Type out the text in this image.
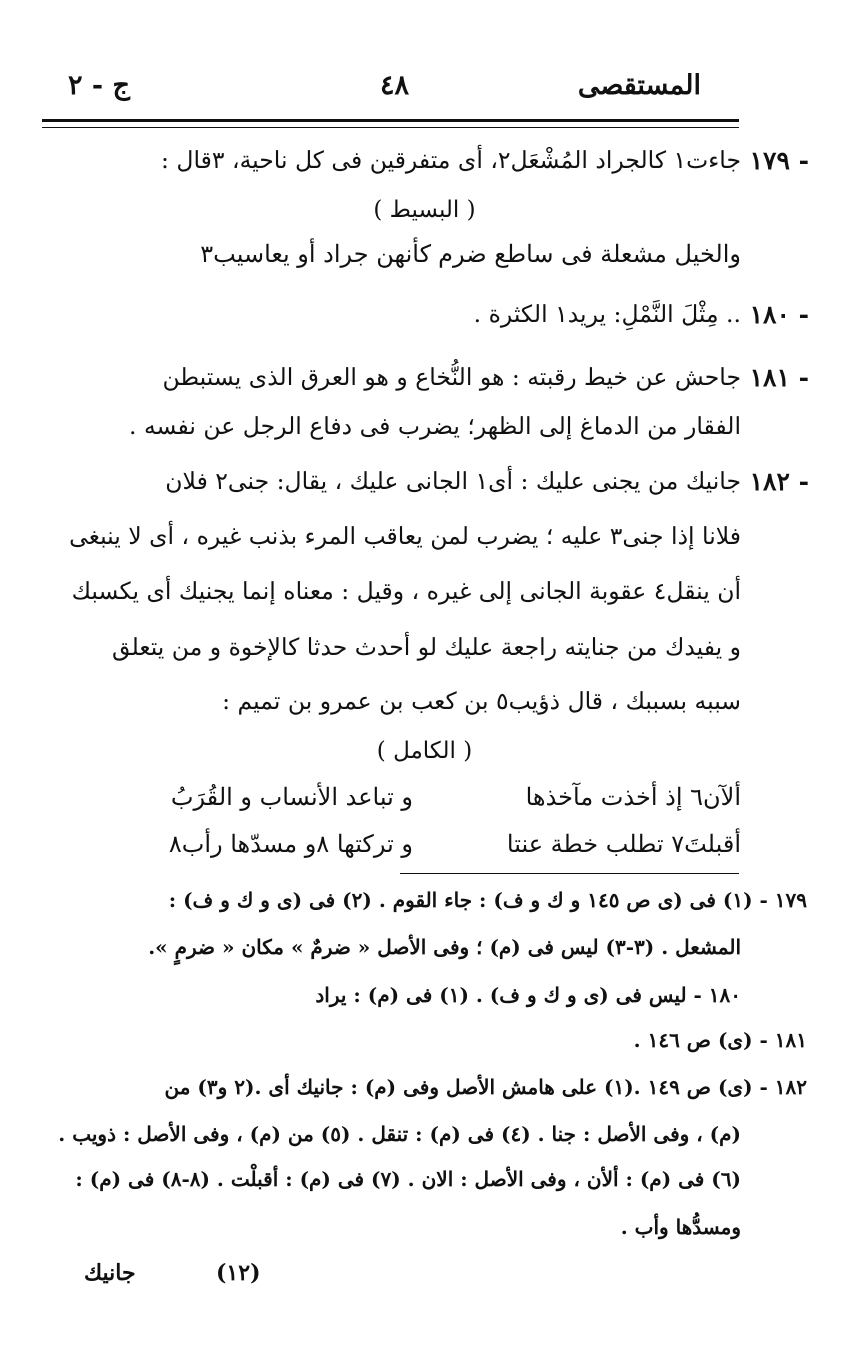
المستقصى
٤٨
ج - ٢
١٧٩ -
جاءت١ كالجراد المُشْعَل٢، أى متفرقين فى كل ناحية، ٣قال :
( البسيط )
والخيل مشعلة فى ساطع ضرم
كأنهن جراد أو يعاسيب٣
١٨٠ -
.. مِثْلَ النَّمْلِ: يريد١ الكثرة .
١٨١ -
جاحش عن خيط رقبته : هو النُّخاع و هو العرق الذى يستبطن
الفقار من الدماغ إلى الظهر؛ يضرب فى دفاع الرجل عن نفسه .
١٨٢ -
جانيك من يجنى عليك : أى١ الجانى عليك ، يقال: جنى٢ فلان
فلانا إذا جنى٣ عليه ؛ يضرب لمن يعاقب المرء بذنب غيره ، أى لا ينبغى
أن ينقل٤ عقوبة الجانى إلى غيره ، وقيل : معناه إنما يجنيك أى يكسبك
و يفيدك من جنايته راجعة عليك لو أحدث حدثا كالإخوة و من يتعلق
سببه بسببك ، قال ذؤيب٥ بن كعب بن عمرو بن تميم :
( الكامل )
ألآن٦ إذ أخذت مآخذها
و تباعد الأنساب و القُرَبُ
أقبلتَ٧ تطلب خطة عنتا
و تركتها ٨و مسدّها رأب٨
١٧٩ - (١) فى (ى ص ١٤٥ و ك و ف) : جاء القوم . (٢) فى (ى و ك و ف) :
المشعل . (٣-٣) ليس فى (م) ؛ وفى الأصل « ضرمٌ » مكان « ضرمٍ ».
١٨٠ - ليس فى (ى و ك و ف) . (١) فى (م) : يراد
١٨١ - (ى) ص ١٤٦ .
١٨٢ - (ى) ص ١٤٩ .(١) على هامش الأصل وفى (م) : جانيك أى .(٢ و٣) من
(م) ، وفى الأصل : جنا . (٤) فى (م) : تنقل . (٥) من (م) ، وفى الأصل : ذويب .
(٦) فى (م) : ألأن ، وفى الأصل : الان . (٧) فى (م) : أقبلْت . (٨-٨) فى (م) :
ومسدُّها وأب .
(١٢)
جانيك
